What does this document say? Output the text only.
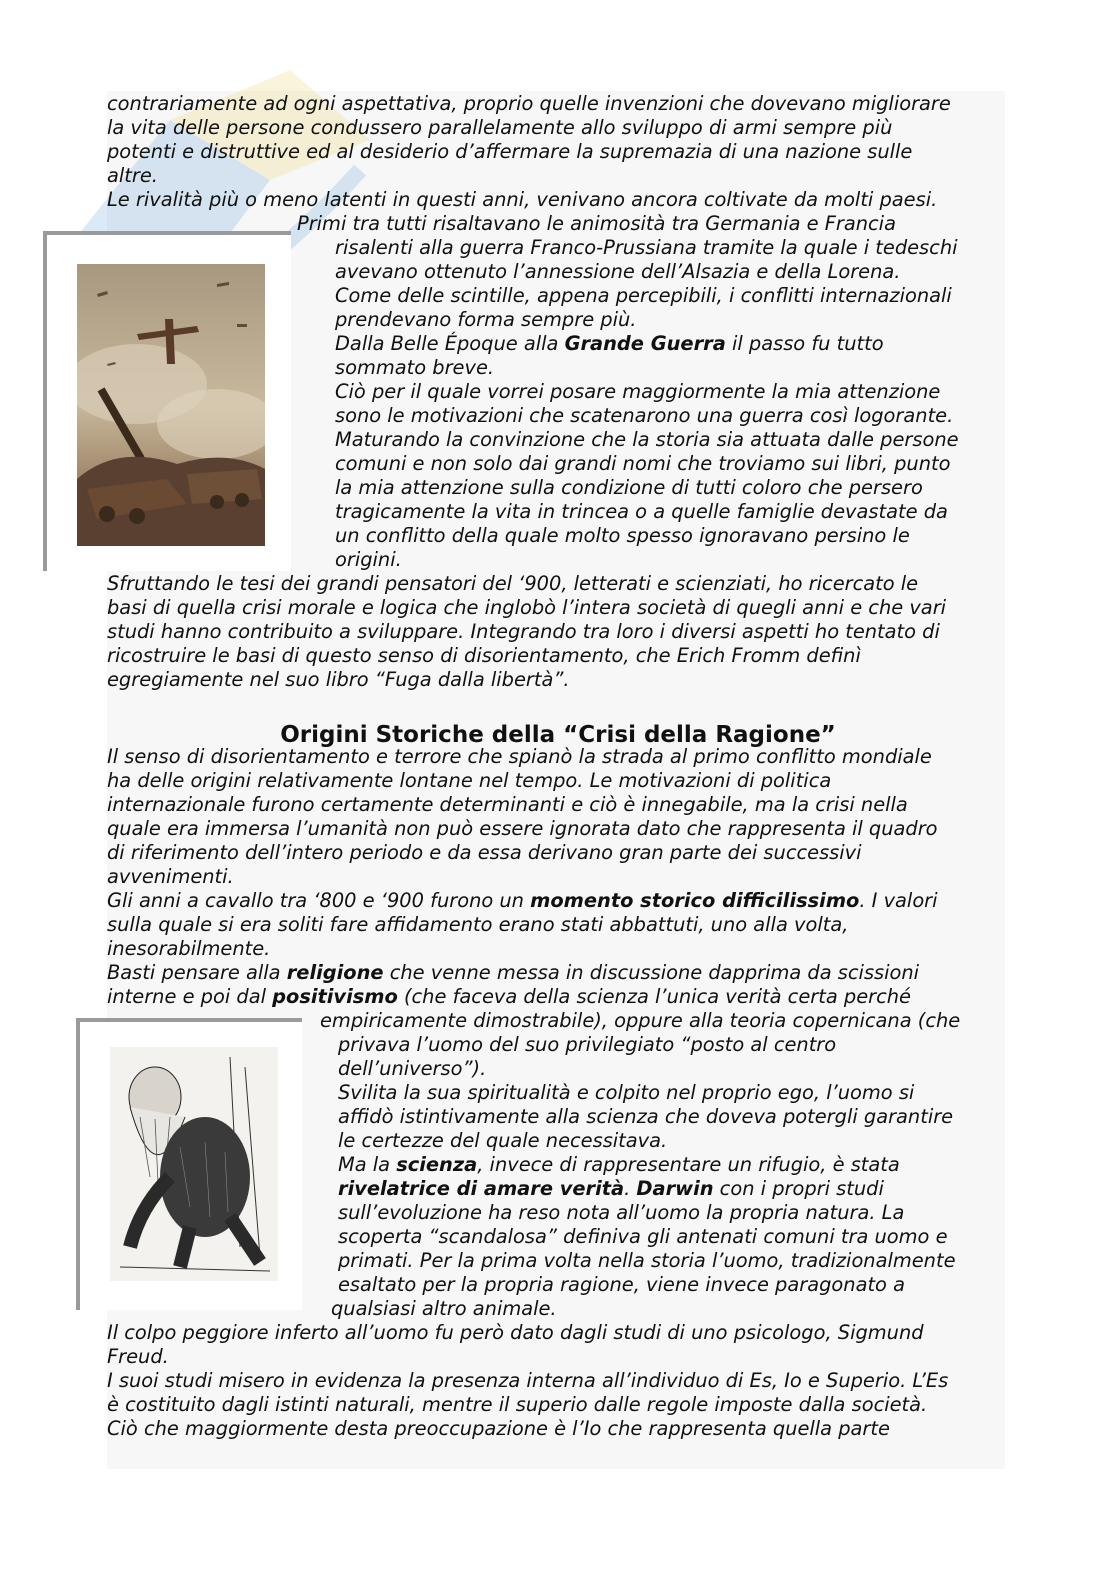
contrariamente ad ogni aspettativa, proprio quelle invenzioni che dovevano migliorare
la vita delle persone condussero parallelamente allo sviluppo di armi sempre più
potenti e distruttive ed al desiderio d’affermare la supremazia di una nazione sulle
altre.
Le rivalità più o meno latenti in questi anni, venivano ancora coltivate da molti paesi.
Primi tra tutti risaltavano le animosità tra Germania e Francia
risalenti alla guerra Franco-Prussiana tramite la quale i tedeschi
avevano ottenuto l’annessione dell’Alsazia e della Lorena.
Come delle scintille, appena percepibili, i conflitti internazionali
prendevano forma sempre più.
Dalla Belle Époque alla Grande Guerra il passo fu tutto
sommato breve.
Ciò per il quale vorrei posare maggiormente la mia attenzione
sono le motivazioni che scatenarono una guerra così logorante.
Maturando la convinzione che la storia sia attuata dalle persone
comuni e non solo dai grandi nomi che troviamo sui libri, punto
la mia attenzione sulla condizione di tutti coloro che persero
tragicamente la vita in trincea o a quelle famiglie devastate da
un conflitto della quale molto spesso ignoravano persino le
origini.
Sfruttando le tesi dei grandi pensatori del ‘900, letterati e scienziati, ho ricercato le
basi di quella crisi morale e logica che inglobò l’intera società di quegli anni e che vari
studi hanno contribuito a sviluppare. Integrando tra loro i diversi aspetti ho tentato di
ricostruire le basi di questo senso di disorientamento, che Erich Fromm definì
egregiamente nel suo libro “Fuga dalla libertà”.
Origini Storiche della “Crisi della Ragione”
Il senso di disorientamento e terrore che spianò la strada al primo conflitto mondiale
ha delle origini relativamente lontane nel tempo. Le motivazioni di politica
internazionale furono certamente determinanti e ciò è innegabile, ma la crisi nella
quale era immersa l’umanità non può essere ignorata dato che rappresenta il quadro
di riferimento dell’intero periodo e da essa derivano gran parte dei successivi
avvenimenti.
Gli anni a cavallo tra ‘800 e ‘900 furono un momento storico difficilissimo. I valori
sulla quale si era soliti fare affidamento erano stati abbattuti, uno alla volta,
inesorabilmente.
Basti pensare alla religione che venne messa in discussione dapprima da scissioni
interne e poi dal positivismo (che faceva della scienza l’unica verità certa perché
empiricamente dimostrabile), oppure alla teoria copernicana (che
privava l’uomo del suo privilegiato “posto al centro
dell’universo”).
Svilita la sua spiritualità e colpito nel proprio ego, l’uomo si
affidò istintivamente alla scienza che doveva potergli garantire
le certezze del quale necessitava.
Ma la scienza, invece di rappresentare un rifugio, è stata
rivelatrice di amare verità. Darwin con i propri studi
sull’evoluzione ha reso nota all’uomo la propria natura. La
scoperta “scandalosa” definiva gli antenati comuni tra uomo e
primati. Per la prima volta nella storia l’uomo, tradizionalmente
esaltato per la propria ragione, viene invece paragonato a
qualsiasi altro animale.
Il colpo peggiore inferto all’uomo fu però dato dagli studi di uno psicologo, Sigmund
Freud.
I suoi studi misero in evidenza la presenza interna all’individuo di Es, Io e Superio. L’Es
è costituito dagli istinti naturali, mentre il superio dalle regole imposte dalla società.
Ciò che maggiormente desta preoccupazione è l’Io che rappresenta quella parte
